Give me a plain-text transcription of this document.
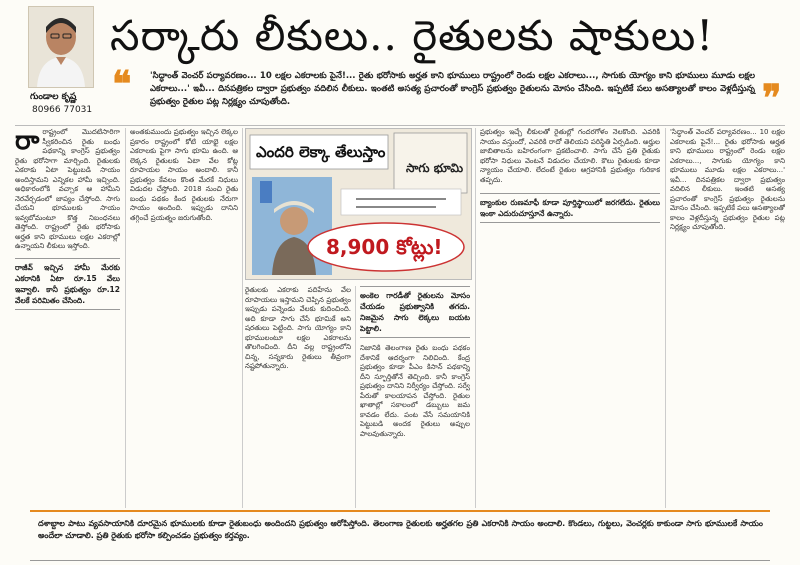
గుండాల కృష్ణ
80966 77031
సర్కారు లీకులు.. రైతులకు షాకులు!
❝ 'సిద్ధాంత్ వెంచర్ పర్యావరణం... 10 లక్షల ఎకరాలకు పైనే!... రైతు భరోసాకు అర్హత కాని భూములు రాష్ట్రంలో రెండు లక్షల ఎకరాలు..., సాగుకు యోగ్యం కాని భూములు మూడు లక్షల ఎకరాలు...' ఇవీ... దినపత్రికల ద్వారా ప్రభుత్వం వదిలిన లీకులు. ఇంతటి అసత్య ప్రచారంతో కాంగ్రెస్ ప్రభుత్వం రైతులను మోసం చేసింది. ఇప్పటికే పలు అసత్యాలతో కాలం వెళ్లదీస్తున్న ప్రభుత్వం రైతుల పట్ల నిర్లక్ష్యం చూపుతోంది.	❞
రా రాష్ట్రంలో మొదటిసారిగా స్వీకరించిన రైతు బంధు పథకాన్ని కాంగ్రెస్ ప్రభుత్వం రైతు భరోసాగా మార్చింది. రైతులకు ఎకరాకు ఏటా పెట్టుబడి సాయం అందిస్తామని ఎన్నికల హామీ ఇచ్చింది. అధికారంలోకి వచ్చాక ఆ హామీని నెరవేర్చడంలో జాప్యం చేస్తోంది. సాగు చేయని భూములకు సాయం ఇవ్వబోమంటూ కొత్త నిబంధనలు తెస్తోంది. రాష్ట్రంలో రైతు భరోసాకు అర్హత కాని భూములు లక్షల ఎకరాల్లో ఉన్నాయని లీకులు ఇస్తోంది.

రాజీవ్ ఇచ్చిన హామీ మేరకు ఎకరానికి ఏటా రూ.15 వేలు ఇవ్వాలి. కానీ ప్రభుత్వం రూ.12 వేలకే పరిమితం చేసింది.

అంతకుముందు ప్రభుత్వం ఇచ్చిన లెక్కల ప్రకారం రాష్ట్రంలో కోటి యాభై లక్షల ఎకరాలకు పైగా సాగు భూమి ఉంది. ఆ లెక్కన రైతులకు ఏటా వేల కోట్ల రూపాయల సాయం అందాలి. కానీ ప్రభుత్వం కేవలం కొంత మేరకే నిధులు విడుదల చేస్తోంది. 2018 నుంచి రైతు బంధు పథకం కింద రైతులకు నేరుగా సాయం అందింది. ఇప్పుడు దానిని తగ్గించే ప్రయత్నం జరుగుతోంది.

ఎందరి లెక్కా తేలుస్తాం
సాగు భూమి
8,900 కోట్లు!

రైతులకు ఎకరాకు పదిహేను వేల రూపాయలు ఇస్తామని చెప్పిన ప్రభుత్వం ఇప్పుడు పన్నెండు వేలకు కుదించింది. అది కూడా సాగు చేసే భూమికే అని షరతులు పెట్టింది. సాగు యోగ్యం కాని భూములంటూ లక్షల ఎకరాలను తొలగించింది. దీని వల్ల రాష్ట్రంలోని చిన్న, సన్నకారు రైతులు తీవ్రంగా నష్టపోతున్నారు.

అంకెల గారడీతో రైతులను మోసం చేయడం ప్రభుత్వానికి తగదు. నిజమైన సాగు లెక్కలు బయట పెట్టాలి.

నిజానికి తెలంగాణ రైతు బంధు పథకం దేశానికే ఆదర్శంగా నిలిచింది. కేంద్ర ప్రభుత్వం కూడా పీఎం కిసాన్ పథకాన్ని దీని స్ఫూర్తితోనే తెచ్చింది. కానీ కాంగ్రెస్ ప్రభుత్వం దానిని నిర్వీర్యం చేస్తోంది. సర్వే పేరుతో కాలయాపన చేస్తోంది. రైతుల ఖాతాల్లో సకాలంలో డబ్బులు జమ కావడం లేదు. పంట వేసే సమయానికి పెట్టుబడి అందక రైతులు అప్పుల పాలవుతున్నారు.

ప్రభుత్వం ఇచ్చే లీకులతో రైతుల్లో గందరగోళం నెలకొంది. ఎవరికి సాయం వస్తుందో, ఎవరికి రాదో తెలియని పరిస్థితి ఏర్పడింది. అర్హుల జాబితాలను బహిరంగంగా ప్రకటించాలి. సాగు చేసే ప్రతి రైతుకు భరోసా నిధులు వెంటనే విడుదల చేయాలి. కౌలు రైతులకు కూడా న్యాయం చేయాలి. లేదంటే రైతుల ఆగ్రహానికి ప్రభుత్వం గురికాక తప్పదు.

బ్యాంకుల రుణమాఫీ కూడా పూర్తిస్థాయిలో జరగలేదు. రైతులు ఇంకా ఎదురుచూస్తూనే ఉన్నారు.

'సిద్ధాంత్ వెంచర్ పర్యావరణం... 10 లక్షల ఎకరాలకు పైనే!... రైతు భరోసాకు అర్హత కాని భూములు రాష్ట్రంలో రెండు లక్షల ఎకరాలు..., సాగుకు యోగ్యం కాని భూములు మూడు లక్షల ఎకరాలు...' ఇవీ... దినపత్రికల ద్వారా ప్రభుత్వం వదిలిన లీకులు. ఇంతటి అసత్య ప్రచారంతో కాంగ్రెస్ ప్రభుత్వం రైతులను మోసం చేసింది. ఇప్పటికే పలు అసత్యాలతో కాలం వెళ్లదీస్తున్న ప్రభుత్వం రైతుల పట్ల నిర్లక్ష్యం చూపుతోంది.

దశాబ్దాల పాటు వ్యవసాయానికి దూరమైన భూములకు కూడా రైతుబంధు అందిందని ప్రభుత్వం ఆరోపిస్తోంది. తెలంగాణ రైతులకు అర్హతగల ప్రతి ఎకరానికి సాయం అందాలి. కొండలు, గుట్టలు, వెంచర్లకు కాకుండా సాగు భూములకే సాయం అందేలా చూడాలి. ప్రతి రైతుకు భరోసా కల్పించడం ప్రభుత్వం కర్తవ్యం.
